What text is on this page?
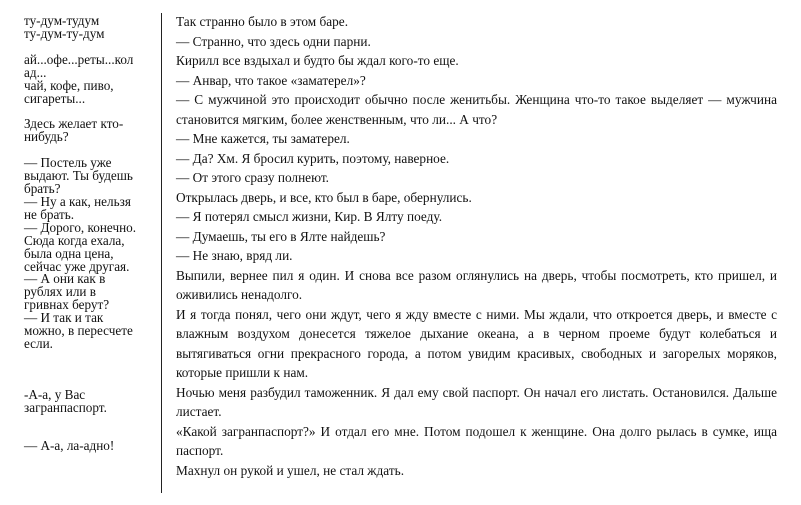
ту-дум-тудум
ту-дум-ту-дум

ай...офе...реты...кол
ад...
чай, кофе, пиво,
сигареты...

Здесь желает кто-
нибудь?

— Постель уже
выдают. Ты будешь
брать?
— Ну а как, нельзя
не брать.
— Дорого, конечно.
Сюда когда ехала,
была одна цена,
сейчас уже другая.
— А они как в
рублях или в
гривнах берут?
— И так и так
можно, в пересчете
если.

-А-а, у Вас
загранпаспорт.

— А-а, ла-адно!

Так странно было в этом баре.

— Странно, что здесь одни парни.

Кирилл все вздыхал и будто бы ждал кого-то еще.

— Анвар, что такое «заматерел»?

— С мужчиной это происходит обычно после женитьбы. Женщина что-то такое выделяет — мужчина становится мягким, более женственным, что ли... А что?

— Мне кажется, ты заматерел.

— Да? Хм. Я бросил курить, поэтому, наверное.

— От этого сразу полнеют.

Открылась дверь, и все, кто был в баре, обернулись.

— Я потерял смысл жизни, Кир. В Ялту поеду.

— Думаешь, ты его в Ялте найдешь?

— Не знаю, вряд ли.

Выпили, вернее пил я один. И снова все разом оглянулись на дверь, чтобы посмотреть, кто пришел, и оживились ненадолго.

И я тогда понял, чего они ждут, чего я жду вместе с ними. Мы ждали, что откроется дверь, и вместе с влажным воздухом донесется тяжелое дыхание океана, а в черном проеме будут колебаться и вытягиваться огни прекрасного города, а потом увидим красивых, свободных и загорелых моряков, которые пришли к нам.

Ночью меня разбудил таможенник. Я дал ему свой паспорт. Он начал его листать. Остановился. Дальше листает.

«Какой загранпаспорт?» И отдал его мне. Потом подошел к женщине. Она долго рылась в сумке, ища паспорт.

Махнул он рукой и ушел, не стал ждать.
